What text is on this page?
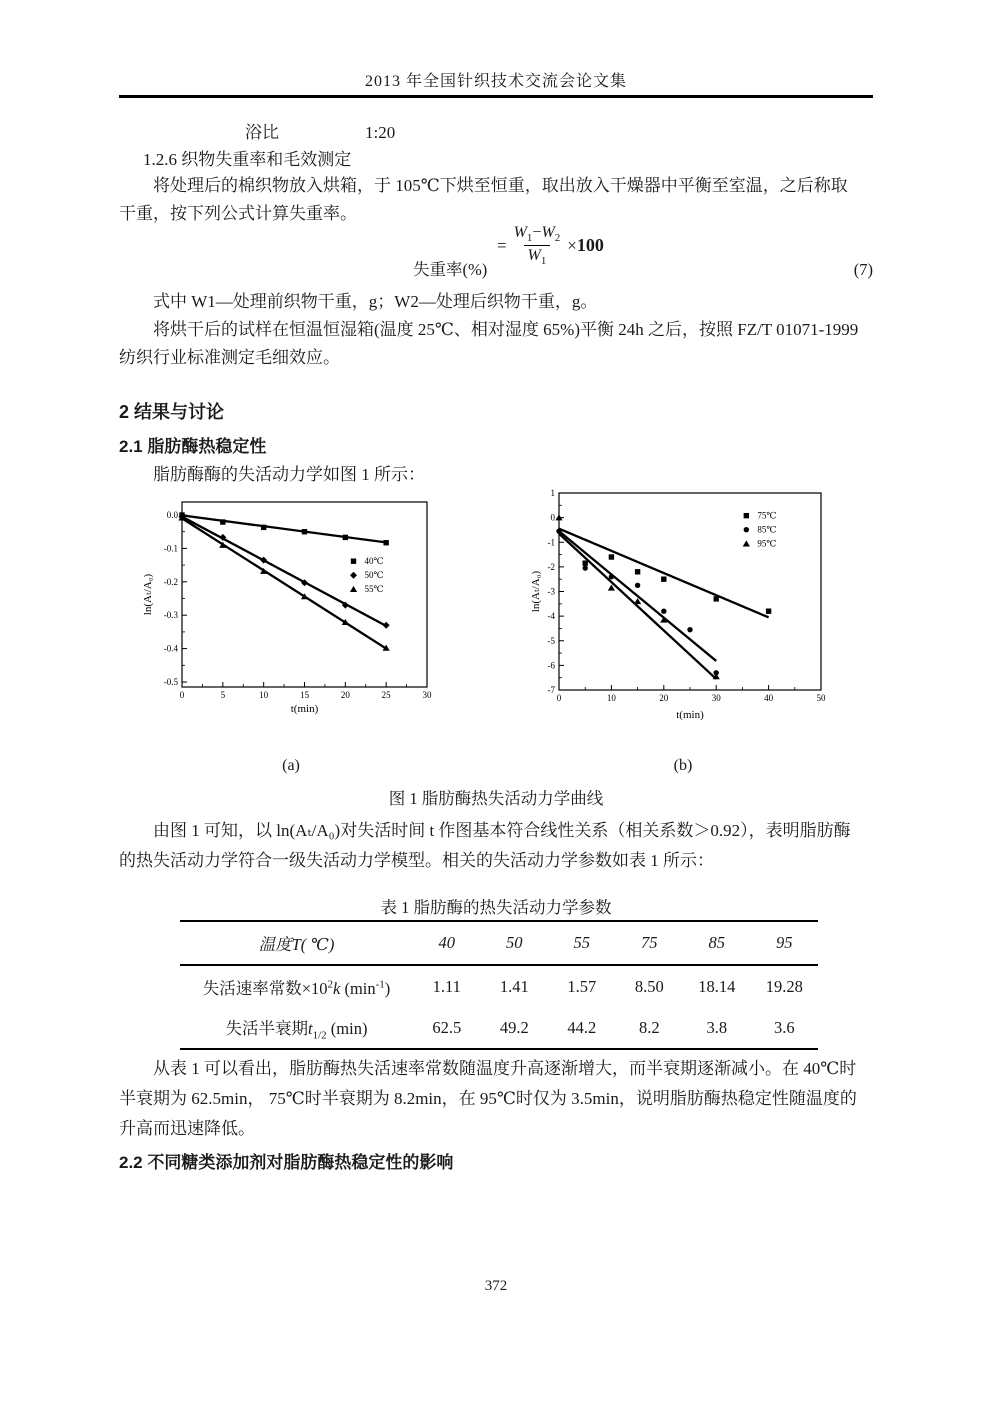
2013 年全国针织技术交流会论文集
浴比	1:20
1.2.6 织物失重率和毛效测定
将处理后的棉织物放入烘箱，于 105℃下烘至恒重，取出放入干燥器中平衡至室温，之后称取
干重，按下列公式计算失重率。
失重率(%)
= $\frac{W_1-W_2}{W_1} \times 100$
(7)
式中 W1—处理前织物干重，g；W2—处理后织物干重，g。
将烘干后的试样在恒温恒湿箱(温度 25℃、相对湿度 65%)平衡 24h 之后，按照 FZ/T 01071-1999
纺织行业标准测定毛细效应。
2 结果与讨论
2.1 脂肪酶热稳定性
脂肪酶酶的失活动力学如图 1 所示：
0	5	10	15	20	25	30
0.0
-0.1
-0.2
-0.3
-0.4
-0.5
40℃
50℃
55℃
t(min)
ln(Aₜ/A₀)
0	10	20	30	40	50
1
0
-1
-2
-3
-4
-5
-6
-7
75℃
85℃
95℃
t(min)
ln(Aₜ/A₀)
(a)	(b)
图 1 脂肪酶热失活动力学曲线
由图 1 可知，以 ln(Aₜ/A₀)对失活时间 t 作图基本符合线性关系（相关系数＞0.92），表明脂肪酶
的热失活动力学符合一级失活动力学模型。相关的失活动力学参数如表 1 所示：
表 1 脂肪酶的热失活动力学参数
温度T( ℃)	40	50	55	75	85	95
失活速率常数$\times 10^2k$ $(\min^{-1})$	1.11	1.41	1.57	8.50	18.14	19.28
失活半衰期$t_{1/2}$ (min)	62.5	49.2	44.2	8.2	3.8	3.6
从表 1 可以看出，脂肪酶热失活速率常数随温度升高逐渐增大，而半衰期逐渐减小。在 40℃时
半衰期为 62.5min， 75℃时半衰期为 8.2min，在 95℃时仅为 3.5min，说明脂肪酶热稳定性随温度的
升高而迅速降低。
2.2 不同糖类添加剂对脂肪酶热稳定性的影响
372
